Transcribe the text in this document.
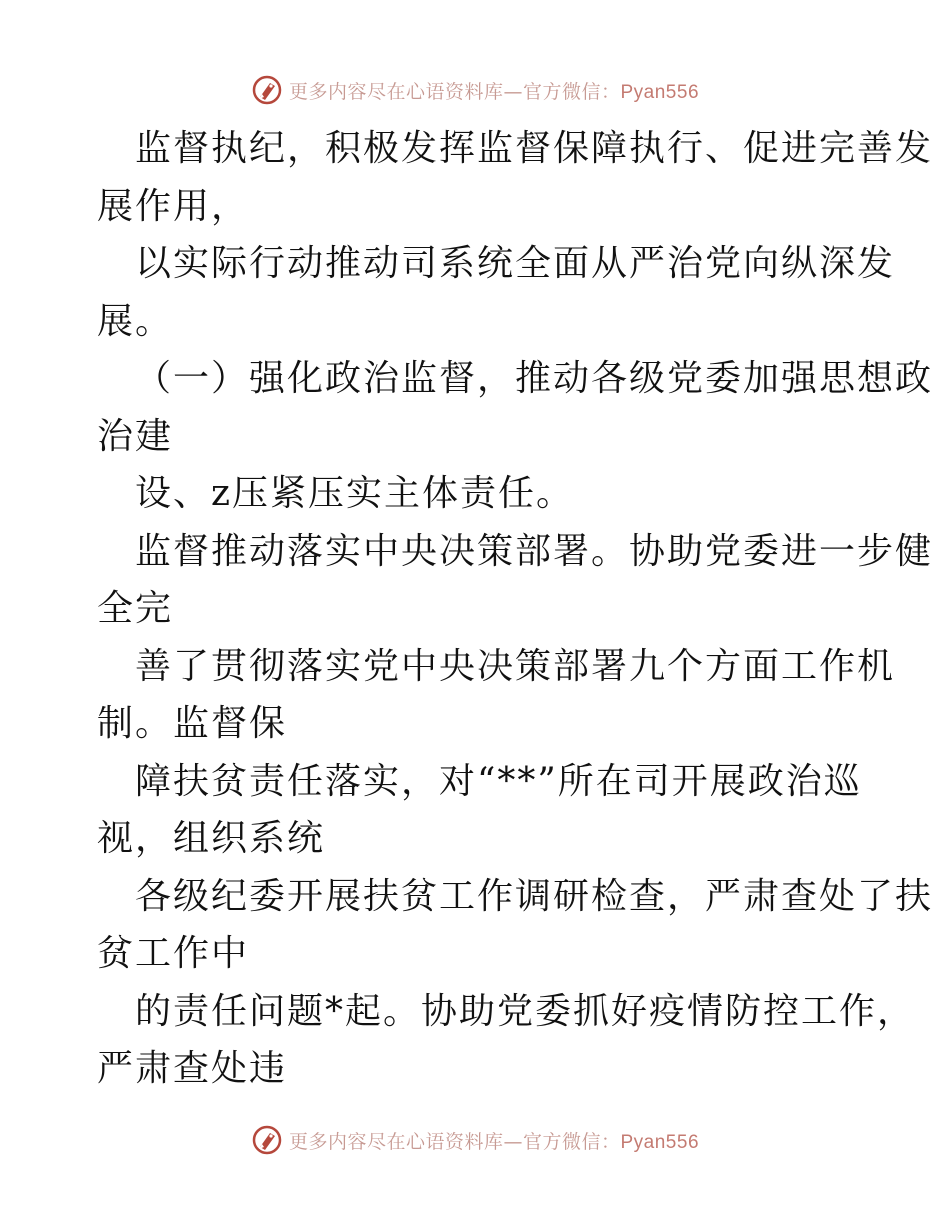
更多内容尽在心语资料库—官方微信：Pyan556
监督执纪，积极发挥监督保障执行、促进完善发
展作用，
以实际行动推动司系统全面从严治党向纵深发
展。
（一）强化政治监督，推动各级党委加强思想政
治建
设、z压紧压实主体责任。
监督推动落实中央决策部署。协助党委进一步健
全完
善了贯彻落实党中央决策部署九个方面工作机
制。监督保
障扶贫责任落实，对“**”所在司开展政治巡
视，组织系统
各级纪委开展扶贫工作调研检查，严肃查处了扶
贫工作中
的责任问题*起。协助党委抓好疫情防控工作，
严肃查处违
更多内容尽在心语资料库—官方微信：Pyan556
